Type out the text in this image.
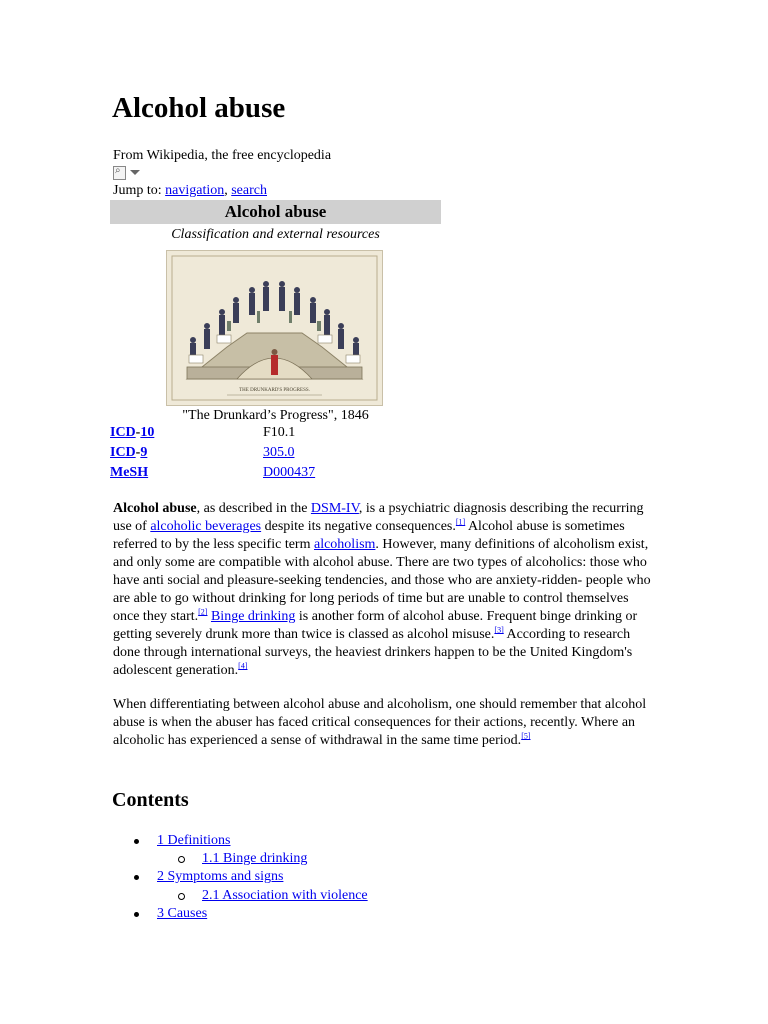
Alcohol abuse
From Wikipedia, the free encyclopedia
⌕
Jump to: navigation, search
Alcohol abuse
Classification and external resources
THE DRUNKARD'S PROGRESS.
"The Drunkard’s Progress", 1846
ICD-10	F10.1
ICD-9	305.0
MeSH	D000437

Alcohol abuse, as described in the DSM-IV, is a psychiatric diagnosis describing the recurring use of alcoholic beverages despite its negative consequences.[1] Alcohol abuse is sometimes referred to by the less specific term alcoholism. However, many definitions of alcoholism exist, and only some are compatible with alcohol abuse. There are two types of alcoholics: those who have anti social and pleasure-seeking tendencies, and those who are anxiety-ridden- people who are able to go without drinking for long periods of time but are unable to control themselves once they start.[2] Binge drinking is another form of alcohol abuse. Frequent binge drinking or getting severely drunk more than twice is classed as alcohol misuse.[3] According to research done through international surveys, the heaviest drinkers happen to be the United Kingdom's adolescent generation.[4]

When differentiating between alcohol abuse and alcoholism, one should remember that alcohol abuse is when the abuser has faced critical consequences for their actions, recently. Where an alcoholic has experienced a sense of withdrawal in the same time period.[5]

Contents
1 Definitions
1.1 Binge drinking
2 Symptoms and signs
2.1 Association with violence
3 Causes
